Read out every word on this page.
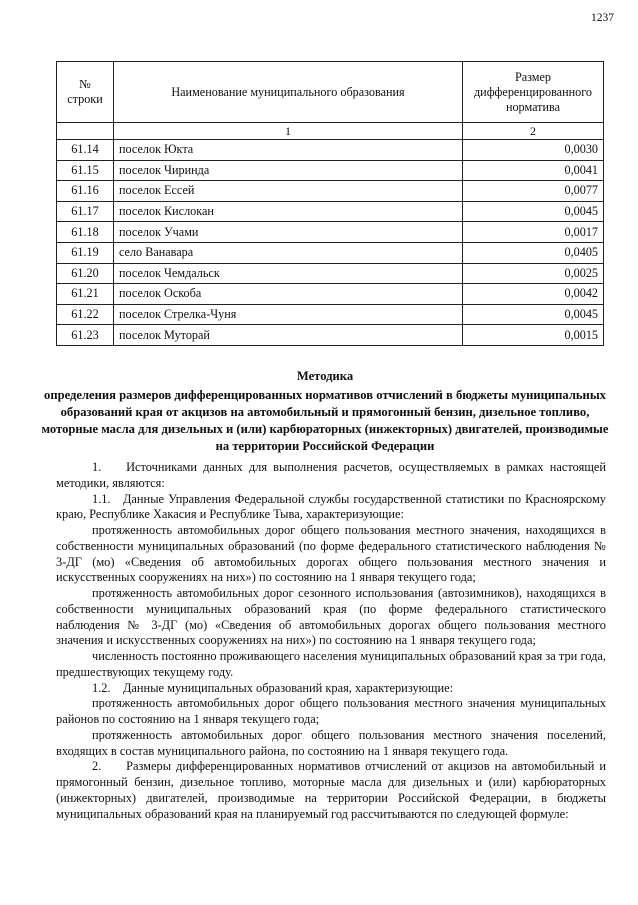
1237
№ строки	Наименование муниципального образования	Размер дифференцированного норматива
	1	2
61.14	поселок Юкта	0,0030
61.15	поселок Чиринда	0,0041
61.16	поселок Ессей	0,0077
61.17	поселок Кислокан	0,0045
61.18	поселок Учами	0,0017
61.19	село Ванавара	0,0405
61.20	поселок Чемдальск	0,0025
61.21	поселок Оскоба	0,0042
61.22	поселок Стрелка-Чуня	0,0045
61.23	поселок Муторай	0,0015
Методика
определения размеров дифференцированных нормативов отчислений в бюджеты муниципальных образований края от акцизов на автомобильный и прямогонный бензин, дизельное топливо, моторные масла для дизельных и (или) карбюраторных (инжекторных) двигателей, производимые на территории Российской Федерации

1.  Источниками данных для выполнения расчетов, осуществляемых в рамках настоящей методики, являются:

1.1. Данные Управления Федеральной службы государственной статистики по Красноярскому краю, Республике Хакасия и Республике Тыва, характеризующие:

протяженность автомобильных дорог общего пользования местного значения, находящихся в собственности муниципальных образований (по форме федерального статистического наблюдения № 3-ДГ (мо) «Сведения об автомобильных дорогах общего пользования местного значения и искусственных сооружениях на них») по состоянию на 1 января текущего года;

протяженность автомобильных дорог сезонного использования (автозимников), находящихся в собственности муниципальных образований края (по форме федерального статистического наблюдения № 3-ДГ (мо) «Сведения об автомобильных дорогах общего пользования местного значения и искусственных сооружениях на них») по состоянию на 1 января текущего года;

численность постоянно проживающего населения муниципальных образований края за три года, предшествующих текущему году.

1.2. Данные муниципальных образований края, характеризующие:

протяженность автомобильных дорог общего пользования местного значения муниципальных районов по состоянию на 1 января текущего года;

протяженность автомобильных дорог общего пользования местного значения поселений, входящих в состав муниципального района, по состоянию на 1 января текущего года.

2.  Размеры дифференцированных нормативов отчислений от акцизов на автомобильный и прямогонный бензин, дизельное топливо, моторные масла для дизельных и (или) карбюраторных (инжекторных) двигателей, производимые на территории Российской Федерации, в бюджеты муниципальных образований края на планируемый год рассчитываются по следующей формуле:
